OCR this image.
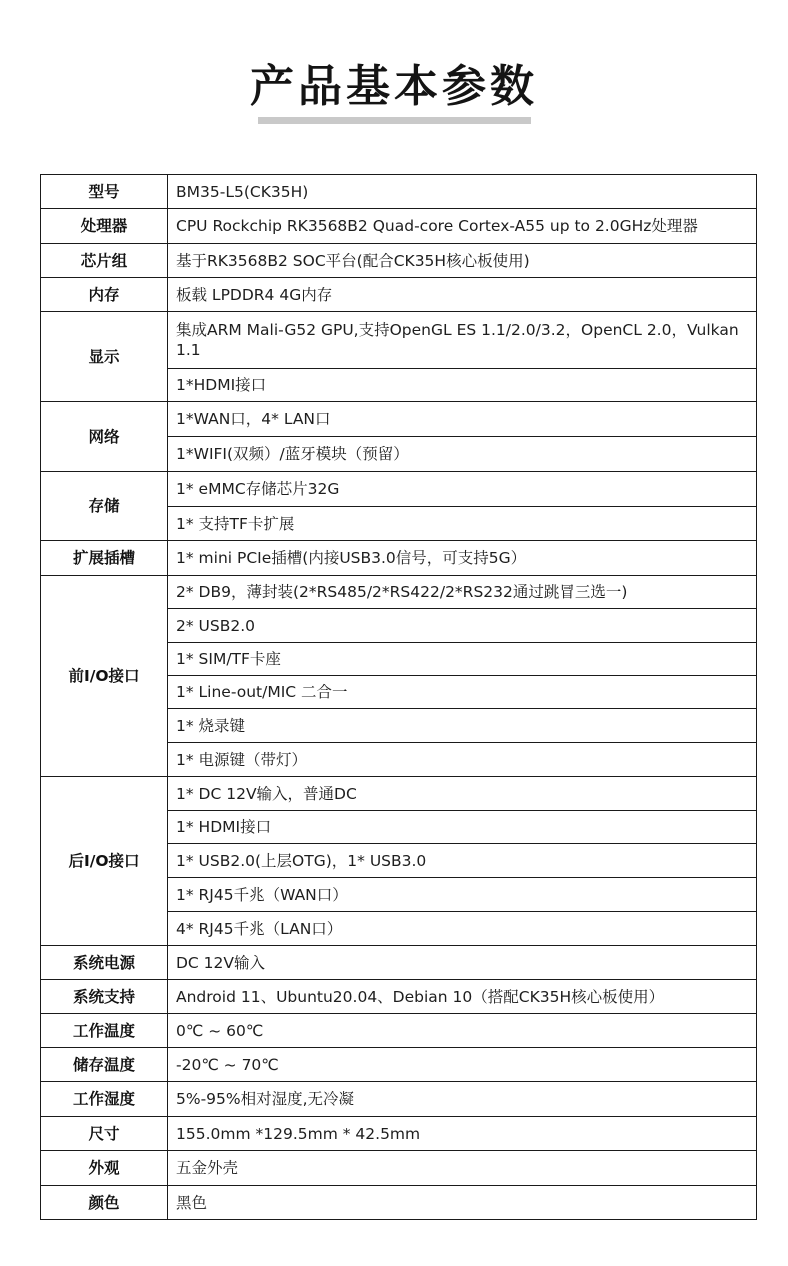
产品基本参数
型号	BM35-L5(CK35H)
处理器	CPU Rockchip RK3568B2 Quad-core Cortex-A55 up to 2.0GHz处理器
芯片组	基于RK3568B2 SOC平台(配合CK35H核心板使用)
内存	板载 LPDDR4 4G内存
显示	集成ARM Mali-G52 GPU,支持OpenGL ES 1.1/2.0/3.2，OpenCL 2.0，Vulkan 1.1
	1*HDMI接口
网络	1*WAN口，4* LAN口
	1*WIFI(双频）/蓝牙模块（预留）
存储	1* eMMC存储芯片32G
	1* 支持TF卡扩展
扩展插槽	1* mini PCIe插槽(内接USB3.0信号，可支持5G）
前I/O接口	2* DB9，薄封装(2*RS485/2*RS422/2*RS232通过跳冒三选一)
	2* USB2.0
	1* SIM/TF卡座
	1* Line-out/MIC 二合一
	1* 烧录键
	1* 电源键（带灯）
后I/O接口	1* DC 12V输入，普通DC
	1* HDMI接口
	1* USB2.0(上层OTG)，1* USB3.0
	1* RJ45千兆（WAN口）
	4* RJ45千兆（LAN口）
系统电源	DC 12V输入
系统支持	Android 11、Ubuntu20.04、Debian 10（搭配CK35H核心板使用）
工作温度	0℃ ~ 60℃
储存温度	-20℃ ~ 70℃
工作湿度	5%-95%相对湿度,无冷凝
尺寸	155.0mm *129.5mm * 42.5mm
外观	五金外壳
颜色	黑色
